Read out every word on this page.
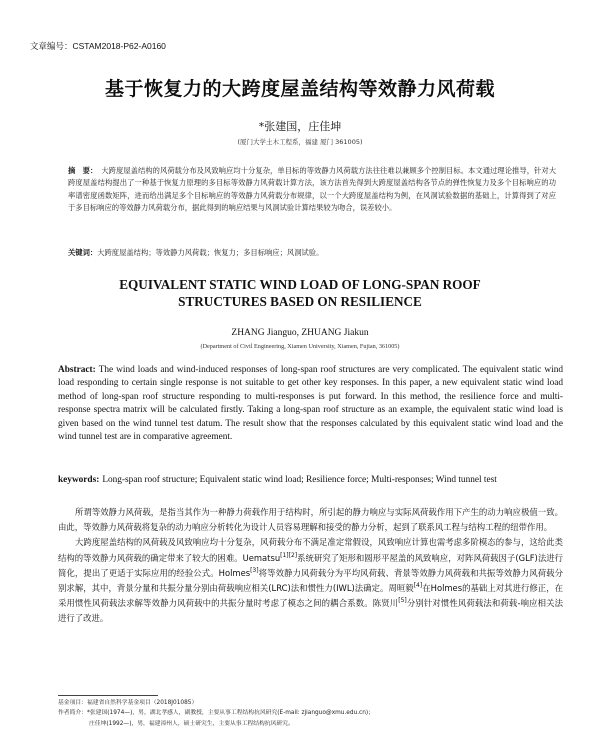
文章编号：CSTAM2018-P62-A0160
基于恢复力的大跨度屋盖结构等效静力风荷载
*张建国，庄佳坤
(厦门大学土木工程系，福建 厦门 361005)
摘　要： 大跨度屋盖结构的风荷载分布及风致响应均十分复杂，单目标的等效静力风荷载方法往往难以兼顾多个控制目标。本文通过理论推导，针对大跨度屋盖结构提出了一种基于恢复力原理的多目标等效静力风荷载计算方法，该方法首先得到大跨度屋盖结构各节点的弹性恢复力及多个目标响应的功率谱密度函数矩阵，进而给出满足多个目标响应的等效静力风荷载分布规律，以一个大跨度屋盖结构为例，在风洞试验数据的基础上，计算得到了对应于多目标响应的等效静力风荷载分布，据此得到的响应结果与风洞试验计算结果较为吻合，误差较小。
关键词：大跨度屋盖结构；等效静力风荷载；恢复力；多目标响应；风洞试验。
EQUIVALENT STATIC WIND LOAD OF LONG-SPAN ROOF
STRUCTURES BASED ON RESILIENCE
ZHANG Jianguo, ZHUANG Jiakun
(Department of Civil Engineering, Xiamen University, Xiamen, Fujian, 361005)
Abstract: The wind loads and wind-induced responses of long-span roof structures are very complicated. The equivalent static wind load responding to certain single response is not suitable to get other key responses. In this paper, a new equivalent static wind load method of long-span roof structure responding to multi-responses is put forward. In this method, the resilience force and multi-response spectra matrix will be calculated firstly. Taking a long-span roof structure as an example, the equivalent static wind load is given based on the wind tunnel test datum. The result show that the responses calculated by this equivalent static wind load and the wind tunnel test are in comparative agreement.
keywords: Long-span roof structure; Equivalent static wind load; Resilience force; Multi-responses; Wind tunnel test

所谓等效静力风荷载，是指当其作为一种静力荷载作用于结构时，所引起的静力响应与实际风荷载作用下产生的动力响应极值一致。由此，等效静力风荷载将复杂的动力响应分析转化为设计人员容易理解和接受的静力分析，起到了联系风工程与结构工程的纽带作用。

大跨度屋盖结构的风荷载及风致响应均十分复杂，风荷载分布不满足准定常假设，风致响应计算也需考虑多阶模态的参与，这给此类结构的等效静力风荷载的确定带来了较大的困难。Uematsu[1][2]系统研究了矩形和圆形平屋盖的风致响应，对阵风荷载因子(GLF)法进行简化，提出了更适于实际应用的经验公式。Holmes[3]将等效静力风荷载分为平均风荷载、背景等效静力风荷载和共振等效静力风荷载分别求解，其中，背景分量和共振分量分别由荷载响应相关(LRC)法和惯性力(IWL)法确定。周晅毅[4]在Holmes的基础上对其进行修正，在采用惯性风荷载法求解等效静力风荷载中的共振分量时考虑了模态之间的耦合系数。陈贤川[5]分别针对惯性风荷载法和荷载-响应相关法进行了改进。

基金项目：福建省自然科学基金项目（2018J01085）
作者简介：*张建国(1974—)，男，湖北孝感人，副教授，主要从事工程结构抗风研究(E-mail: zjianguo@xmu.edu.cn)；
庄佳坤(1992—)，男，福建漳州人，硕士研究生，主要从事工程结构抗风研究。
